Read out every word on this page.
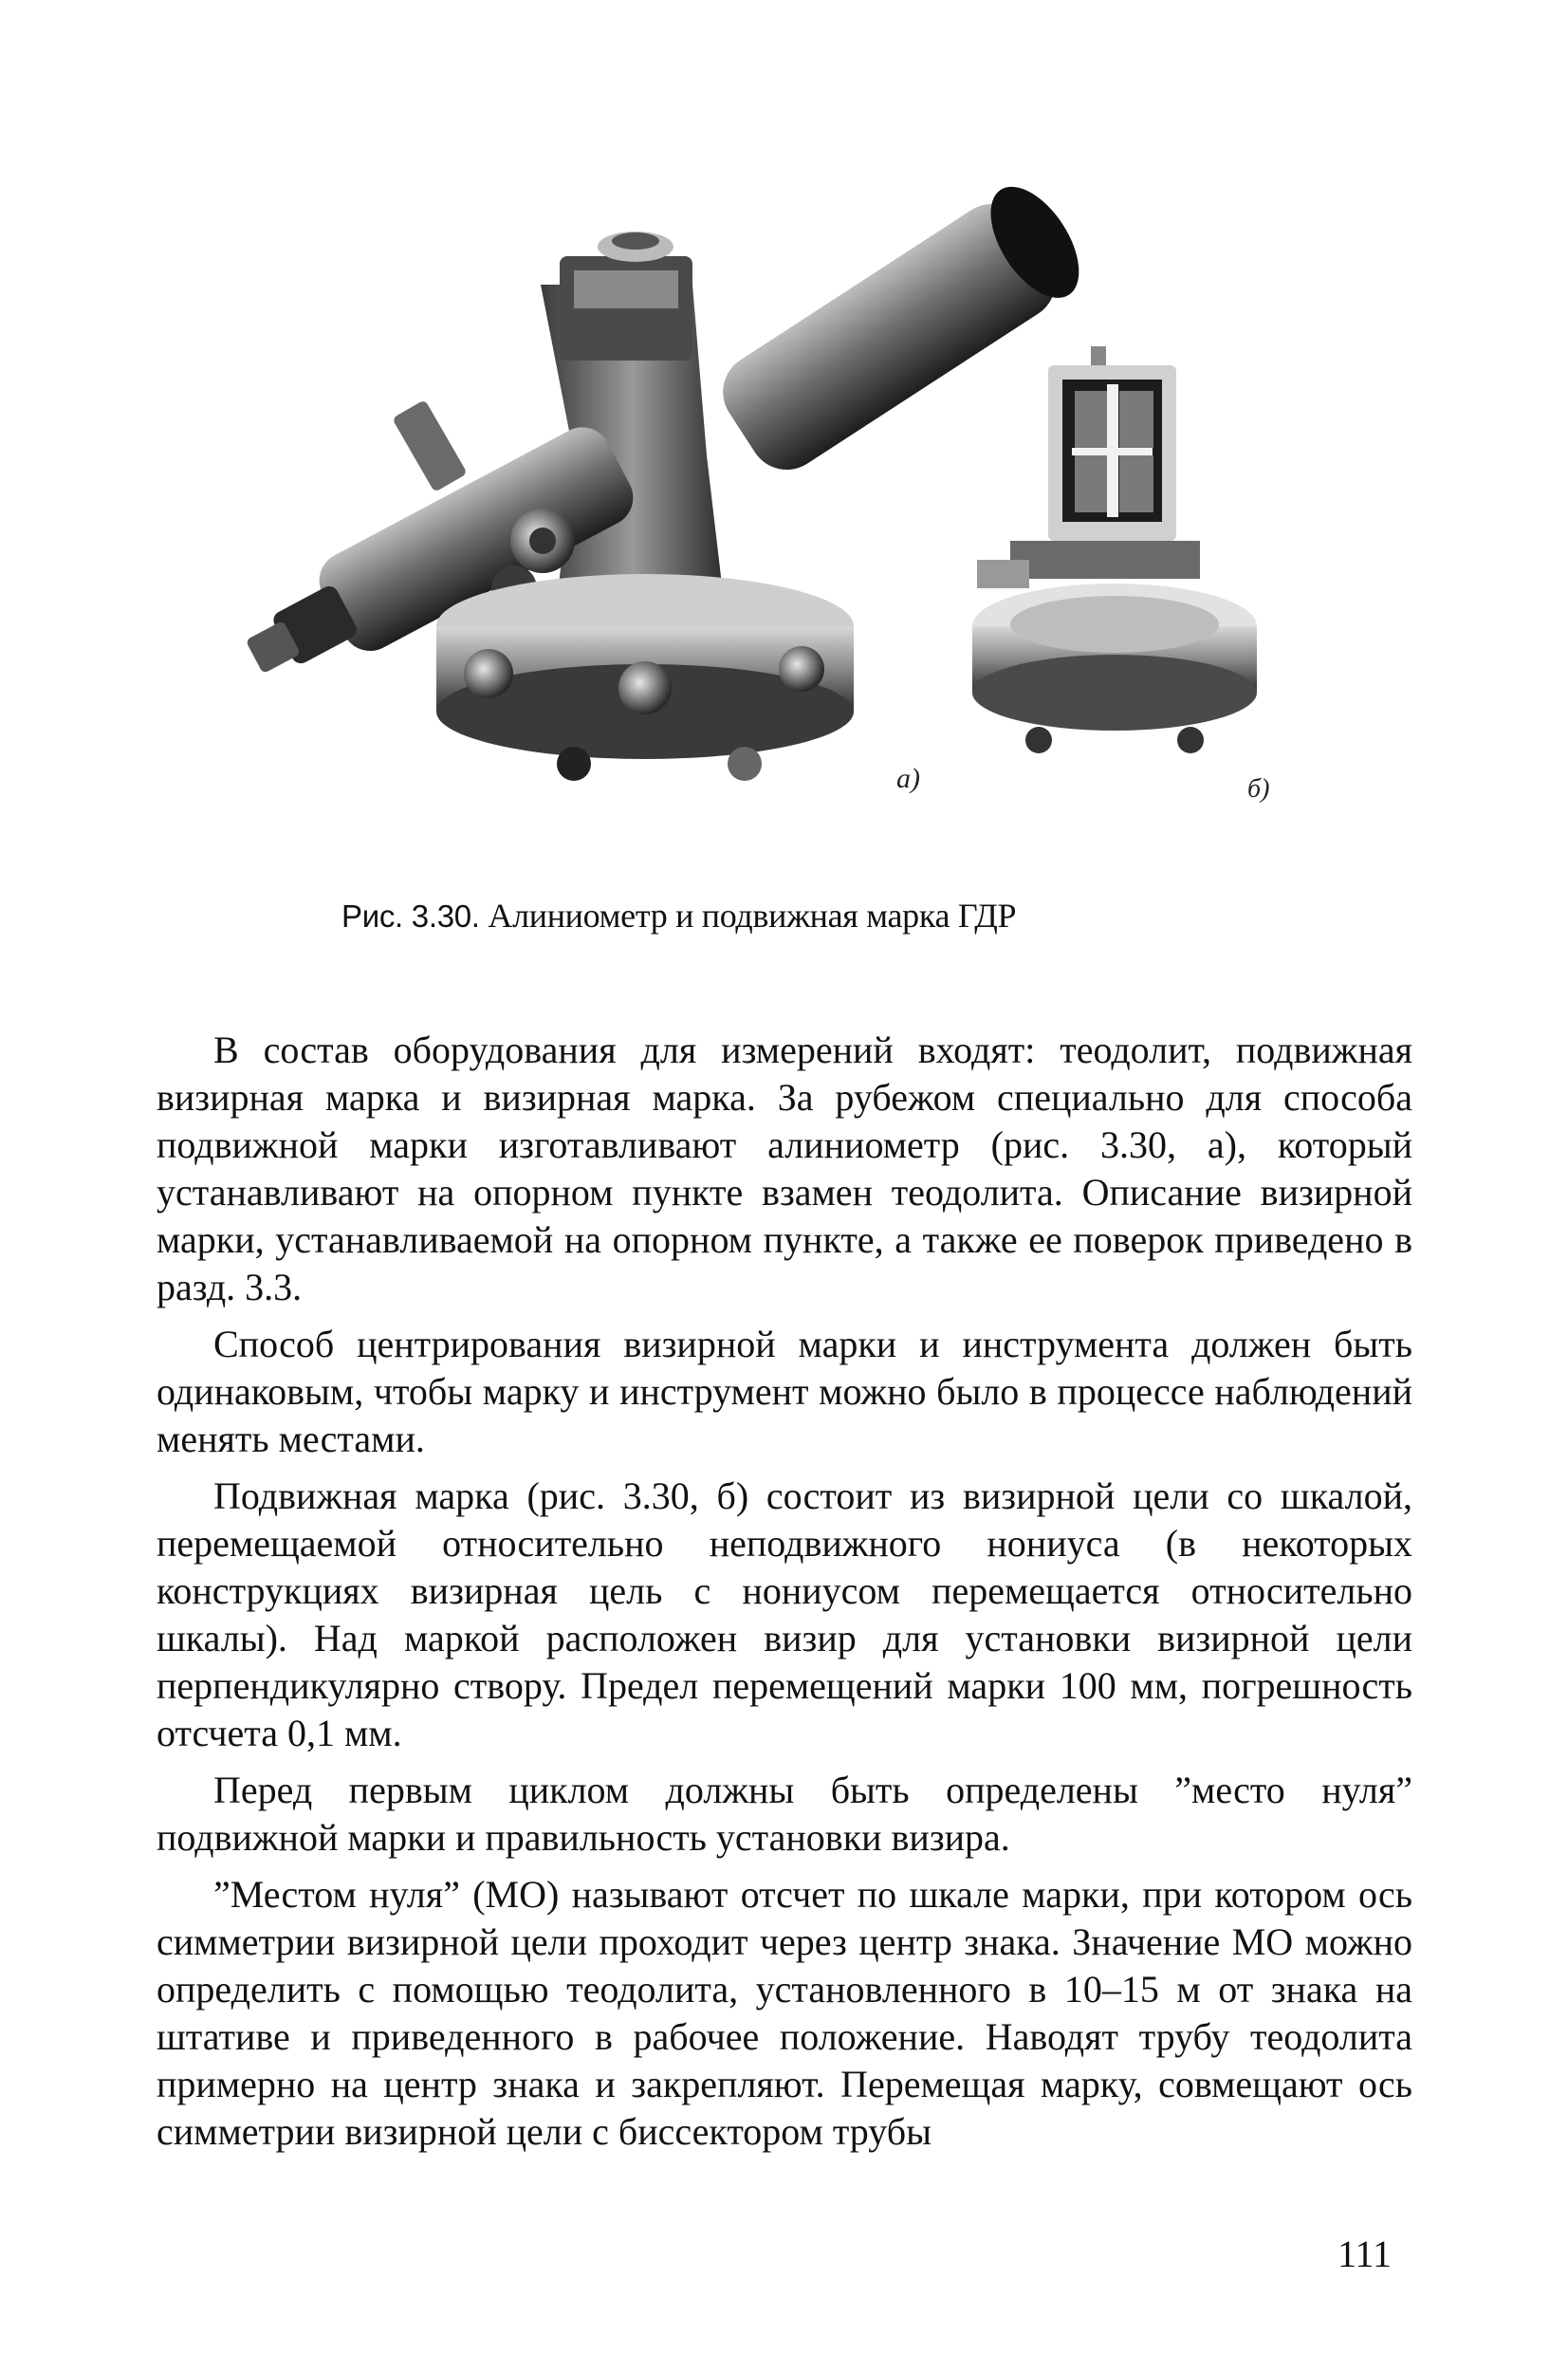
а)	б)
Рис. 3.30. Алиниометр и подвижная марка ГДР

В состав оборудования для измерений входят: теодолит, подвижная визирная марка и визирная марка. За рубежом специально для способа подвижной марки изготавливают алиниометр (рис. 3.30, а), который устанавливают на опорном пункте взамен теодолита. Описание визирной марки, устанавливаемой на опорном пункте, а также ее поверок приведено в разд. 3.3.

Способ центрирования визирной марки и инструмента должен быть одинаковым, чтобы марку и инструмент можно было в процессе наблюдений менять местами.

Подвижная марка (рис. 3.30, б) состоит из визирной цели со шкалой, перемещаемой относительно неподвижного нониуса (в некоторых конструкциях визирная цель с нониусом перемещается относительно шкалы). Над маркой расположен визир для установки визирной цели перпендикулярно створу. Предел перемещений марки 100 мм, погрешность отсчета 0,1 мм.

Перед первым циклом должны быть определены ”место нуля” подвижной марки и правильность установки визира.

”Местом нуля” (МО) называют отсчет по шкале марки, при котором ось симметрии визирной цели проходит через центр знака. Значение МО можно определить с помощью теодолита, установленного в 10–15 м от знака на штативе и приведенного в рабочее положение. Наводят трубу теодолита примерно на центр знака и закрепляют. Перемещая марку, совмещают ось симметрии визирной цели с биссектором трубы

111
